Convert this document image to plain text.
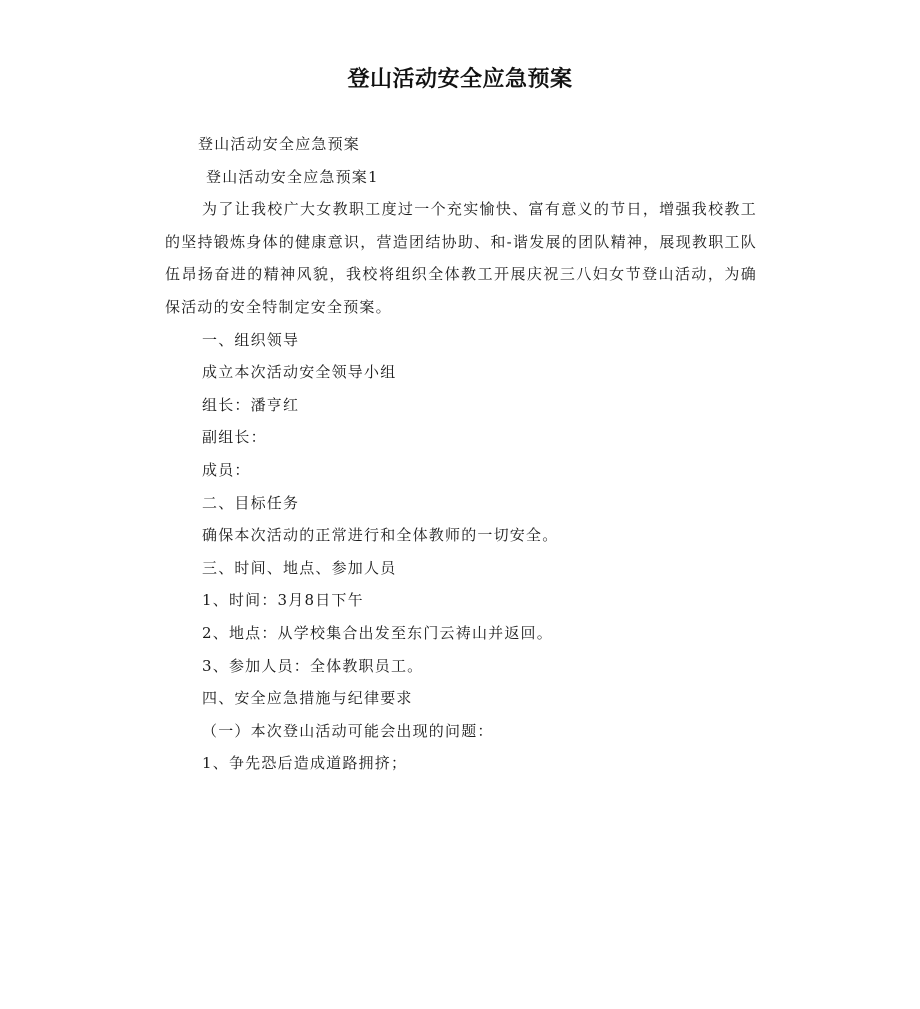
登山活动安全应急预案

登山活动安全应急预案

登山活动安全应急预案1

为了让我校广大女教职工度过一个充实愉快、富有意义的节日，增强我校教工的坚持锻炼身体的健康意识，营造团结协助、和-谐发展的团队精神，展现教职工队伍昂扬奋进的精神风貌，我校将组织全体教工开展庆祝三八妇女节登山活动，为确保活动的安全特制定安全预案。

一、组织领导

成立本次活动安全领导小组

组长：潘亨红

副组长：

成员：

二、目标任务

确保本次活动的正常进行和全体教师的一切安全。

三、时间、地点、参加人员

1、时间：3月8日下午

2、地点：从学校集合出发至东门云祷山并返回。

3、参加人员：全体教职员工。

四、安全应急措施与纪律要求

（一）本次登山活动可能会出现的问题：

1、争先恐后造成道路拥挤；
